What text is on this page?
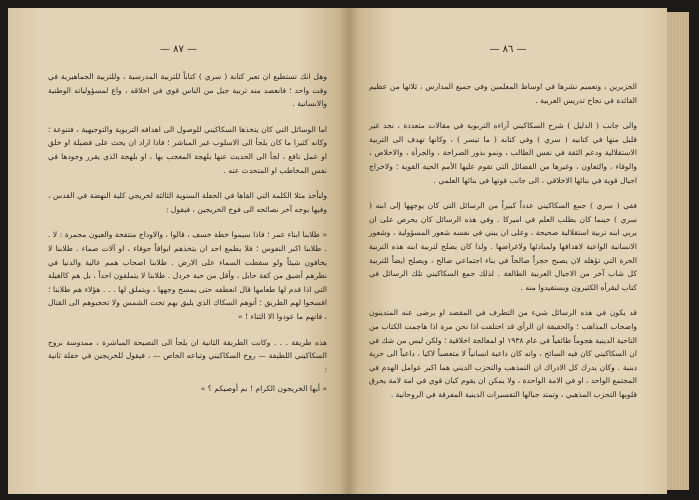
— ٨٧ —

وهل انك تستطيع ان تعبر كتابة ( سري ) كتاباً للتربية المدرسية ، وللتربية الجماهيرية في وقت واحد ؛ فانعصد منه تربية جيل من الناس قوي في اخلاقه ، واع لمسؤولياته الوطنية والانسانية .

اما الوسائل التي كان يتخذها السكاكيني للوصول الى اهدافه التربوية والتوجيهية ، فتنوعة ؛ وكانه كثيرا ما كان يلجأ الى الاسلوب غير المباشر ؛ فاذا اراد ان يحث على فضيلة او خلق او عمل نافع ، لجأ الى الحديث عنها بلهجة المعجب بها ، او بلهجة الذي يقرر وجودها في نفس المخاطب او المتحدث عنه .

ولنأخذ مثلا الكلمة التي القاها في الحفلة السنوية الثالثة لخريجي كلية النهضة في القدس ، وفيها يوجه آخر نصائحه الى فوج الخريجين ، فيقول :

« طلابنا ابناء عمر ؛ فاذا سيموا خطة خسف ، قالوا ، والاوداج منتفخة والعيون محمرة : لا . . طلابنا اكبر النفوس ؛ فلا يطمع احد ان يتخذهم ابواقاً جوفاء ، او آلات صماء . طلابنا لا يخافون شيئاً ولو سقطت السماء على الارض . طلابنا اصحاب همم عالية والدنيا في نظرهم أضيق من كفة حابل ، وأقل من حبة خردل . طلابنا لا يتملقون احداً ، بل هم كالغيلة التي اذا قدم لها طعامها قال انعطفه حتى يمسح وجهها ، ويتملق لها . . . هؤلاء هم طلابنا ؛ افسحوا لهم الطريق ؛ أتوهم السكاك الذي يليق بهم تحت الشمس ولا تحجبوهم الى القتال ، فانهم ما عودوا الا الثناء ! »

هذه طريقة . . . وكانت الطريقة الثانية ان يلجأ الى النصيحة المباشرة ، ممدوسة بروح السكاكيني اللطيفة — روح السكاكيني وتباعه الخاص — ، فيقول للخريجين في حفلة ثانية :

« أيها الخريجون الكرام ! بم أوصيكم ؟ »

— ٨٦ —

الجزيرين ، وتعميم نشرها في اوساط المعلمين وفي جميع المدارس ، ثلاثها من عظيم الفائدة في نجاح تدريس العربية .

والى جانب ( الدليل ) شرح السكاكيني آراءه التربوية في مقالات متعددة ، نجد غير قليل منها في كتابيه ( سري ) وفي كتابه ( ما تيسر ) ، وكانها تهدف الى التربية الاستقلالية ودعم الثقة في نفس الطالب ، ونمو بذور الصراحة ، والجرأة ، والاخلاص ، والوفاء ، والتعاون ، وغيرها من الفضائل التي تقوم عليها الأمم الحية القوية ؛ ولاخراج اجيال قوية في بنائها الاخلاقي ، الى جانب قوتها في بنائها العلمي .

ففي ( سري ) جمع السكاكيني عدداً كبيراً من الرسائل التي كان يوجهها إلى ابنه ( سري ) حينما كان يطلب العلم في اميركا . وفي هذه الرسائل كان يحرص على ان يربي ابنه تربية استقلالية صحيحة ، وعلى ان يبني في نفسه شعور المسؤولية ، وشعور الانسانية الواعية لاهدافها ولمبادئها ولاغراضها . ولذا كان يصلح لتربية ابنه هذه التربية الحرة التي تؤهله لان يصبح حجراً صالحاً في بناء اجتماعي صالح ، ويصلح ايضاً للتربية كل شاب آخر من الاجيال العربية الطالعة . لذلك جمع السكاكيني تلك الرسائل في كتاب ليقرأه الكثيرون ويستفيدوا منه .

قد يكون في هذه الرسائل شيء من التطرف في المقصد او يرضى عنه المتدينون واصحاب المذاهب ؛ والحقيقة ان الرأي قد اختلفت اذا نحن مرة اذا هاجمت الكتاب من الناحية الدينية هجوماً طائفياً في عام ١٩٣٨ او لمعالجة اخلاقية ؛ ولكن ليس من شك في ان السكاكيني كان فيه السائح ، وانه كان داعية انسانياً لا متعصباً لاكيا ، داعياً الى حرية دينية . وكان يدرك كل الادراك ان التمذهب والتحزب الديني هما اكبر عوامل الهدم في المجتمع الواحد ، او في الامة الواحدة ، ولا يمكن ان يقوم كيان قوي في امة لامة يحرق قلوبها التحزب المذهبي ، وتمتد جبالها التفسيرات الدينية المفرقة في الروحانية .
